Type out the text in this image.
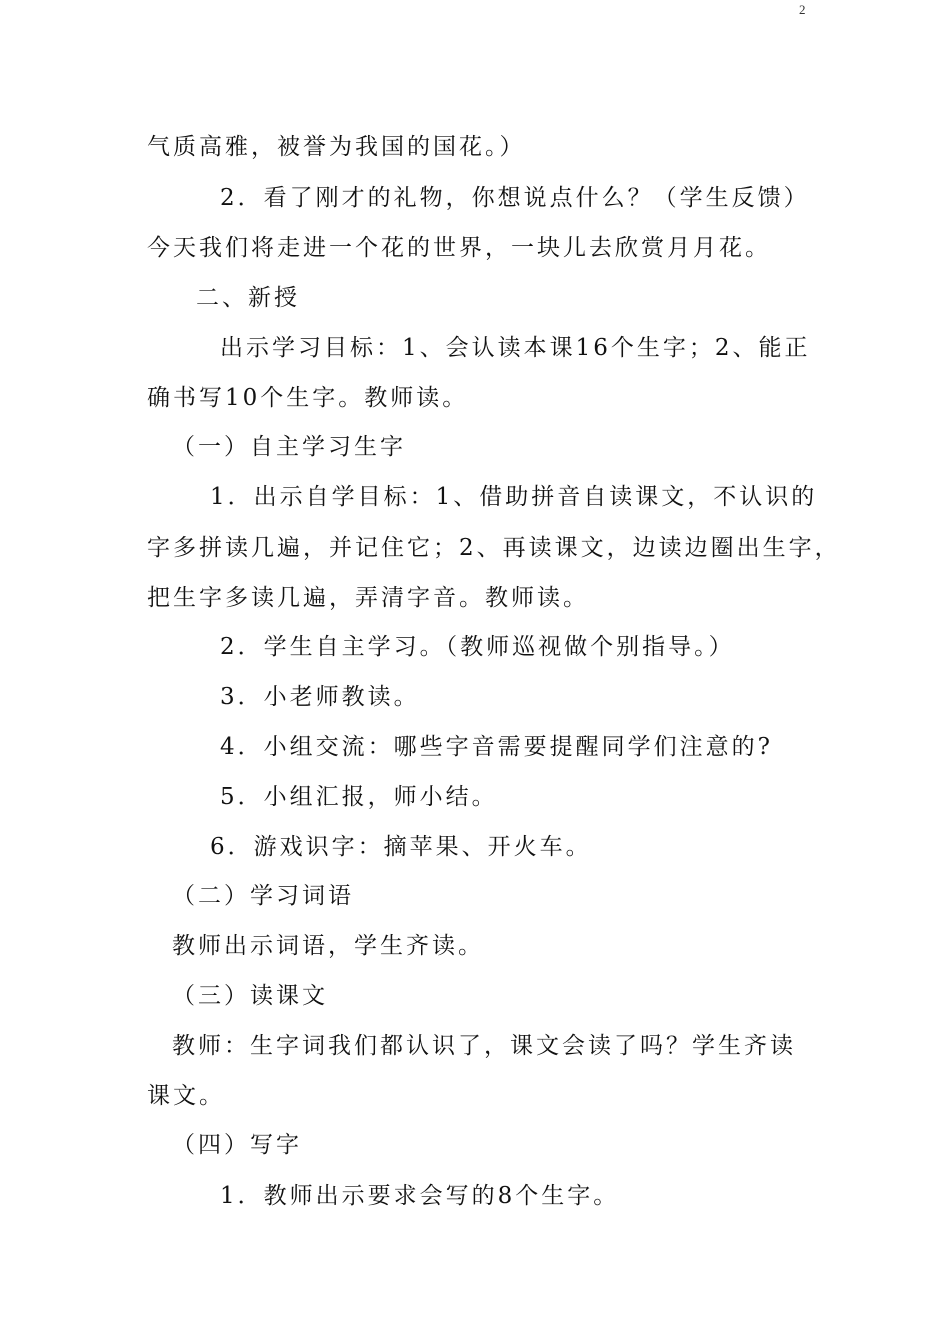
2
气质高雅，被誉为我国的国花。）
2．看了刚才的礼物，你想说点什么？（学生反馈）
今天我们将走进一个花的世界，一块儿去欣赏月月花。
二、新授
出示学习目标：1、会认读本课16个生字；2、能正
确书写10个生字。教师读。
（一）自主学习生字
1．出示自学目标：1、借助拼音自读课文，不认识的
字多拼读几遍，并记住它；2、再读课文，边读边圈出生字，
把生字多读几遍，弄清字音。教师读。
2．学生自主学习。（教师巡视做个别指导。）
3．小老师教读。
4．小组交流：哪些字音需要提醒同学们注意的?
5．小组汇报，师小结。
6．游戏识字：摘苹果、开火车。
（二）学习词语
教师出示词语，学生齐读。
（三）读课文
教师：生字词我们都认识了，课文会读了吗？学生齐读
课文。
（四）写字
1．教师出示要求会写的8个生字。
